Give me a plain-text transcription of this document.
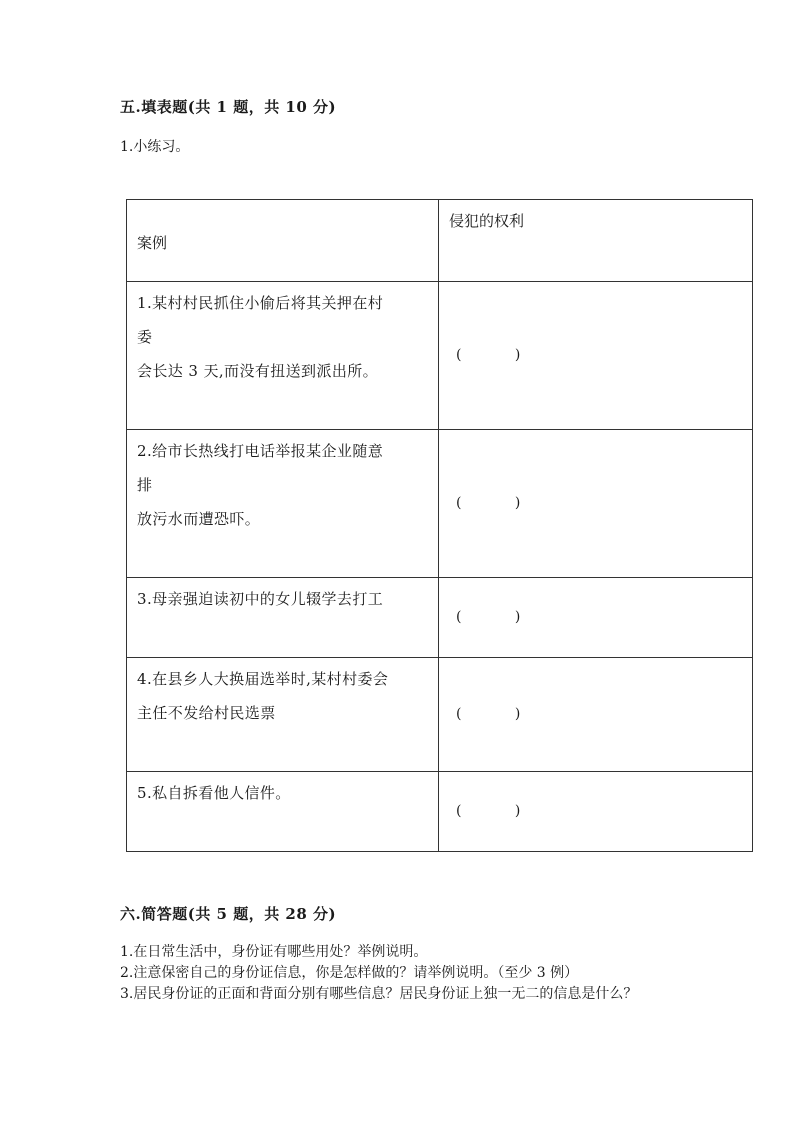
五.填表题(共 1 题，共 10 分)
1.小练习。
案例	侵犯的权利

1.某村村民抓住小偷后将其关押在村
委
会长达 3 天,而没有扭送到派出所。	(            )

2.给市长热线打电话举报某企业随意
排
放污水而遭恐吓。	(            )

3.母亲强迫读初中的女儿辍学去打工	(            )

4.在县乡人大换届选举时,某村村委会
主任不发给村民选票	(            )

5.私自拆看他人信件。	(            )
六.简答题(共 5 题，共 28 分)
1.在日常生活中，身份证有哪些用处？举例说明。
2.注意保密自己的身份证信息，你是怎样做的？请举例说明。（至少 3 例）
3.居民身份证的正面和背面分别有哪些信息？居民身份证上独一无二的信息是什么？
